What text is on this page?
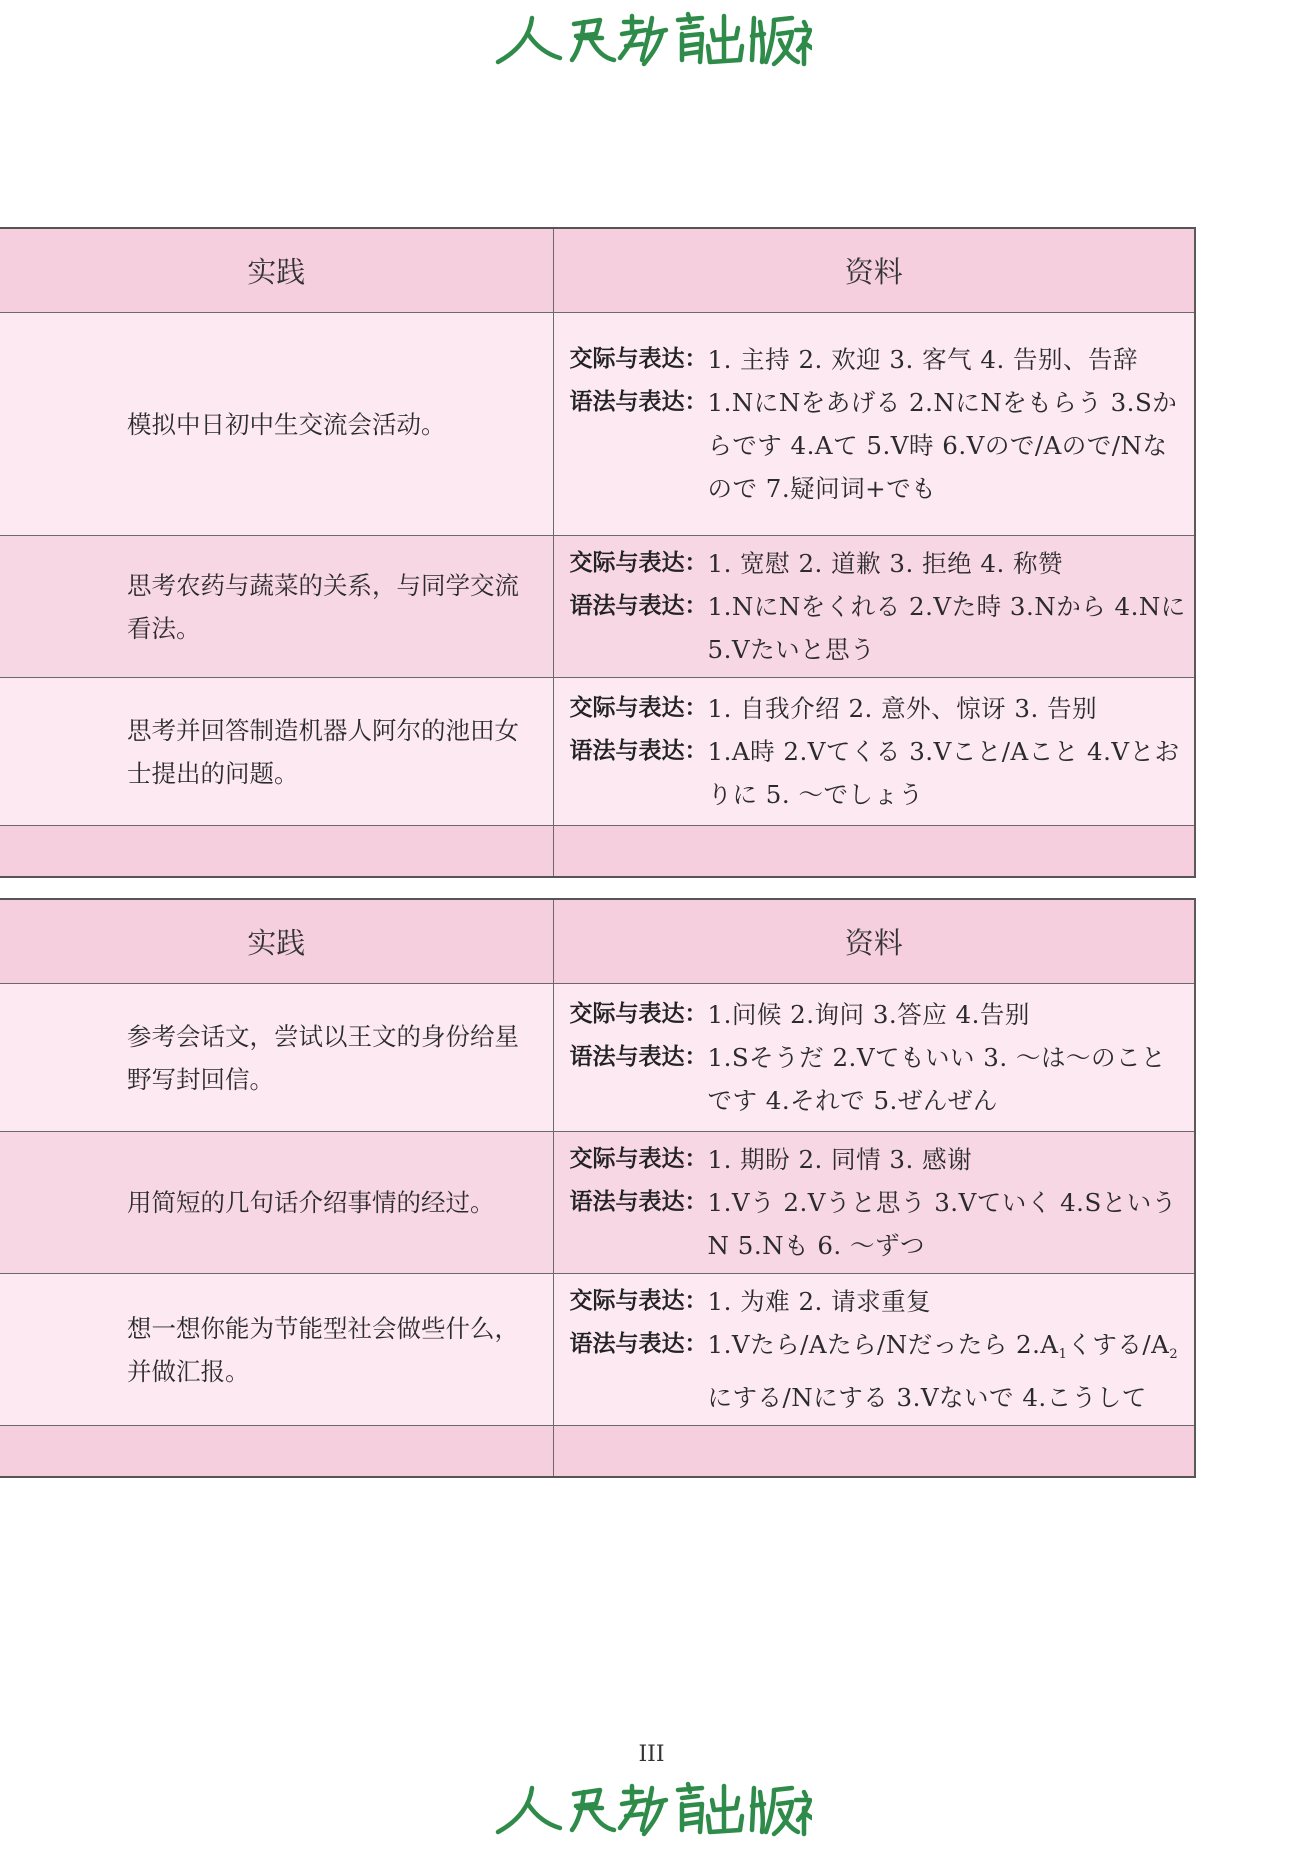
实践	资料
模拟中日初中生交流会活动。	交际与表达： 1. 主持 2. 欢迎 3. 客气 4. 告别、告辞
语法与表达： 1.NにNをあげる 2.NにNをもらう 3.Sからです 4.Aて 5.V時 6.Vので/Aので/Nなので 7.疑问词+でも

思考农药与蔬菜的关系，与同学交流看法。	交际与表达： 1. 宽慰 2. 道歉 3. 拒绝 4. 称赞
语法与表达： 1.NにNをくれる 2.Vた時 3.Nから 4.Nに 5.Vたいと思う

思考并回答制造机器人阿尔的池田女士提出的问题。	交际与表达： 1. 自我介绍 2. 意外、惊讶 3. 告别
语法与表达： 1.A時 2.Vてくる 3.Vこと/Aこと 4.Vとおりに 5. ～でしょう

实践	资料
参考会话文，尝试以王文的身份给星野写封回信。	交际与表达： 1.问候 2.询问 3.答应 4.告别
语法与表达： 1.Sそうだ 2.Vてもいい 3. ～は～のことです 4.それで 5.ぜんぜん

用简短的几句话介绍事情的经过。	交际与表达： 1. 期盼 2. 同情 3. 感谢
语法与表达： 1.Vう 2.Vうと思う 3.Vていく 4.SというN 5.Nも 6. ～ずつ

想一想你能为节能型社会做些什么，并做汇报。	交际与表达： 1. 为难 2. 请求重复
语法与表达： 1.Vたら/Aたら/Nだったら $2.A_1$くする$/A_2$にする/Nにする 3.Vないで 4.こうして

III
